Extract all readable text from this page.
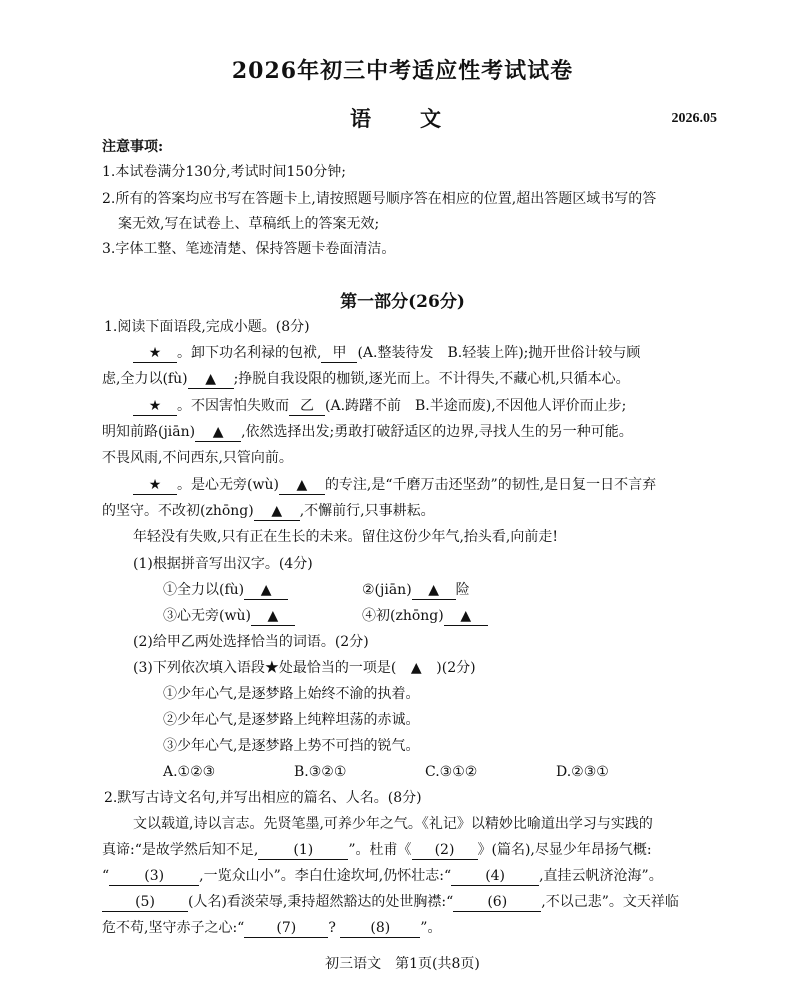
2026年初三中考适应性考试试卷
语　文	2026.05
注意事项:
1.本试卷满分130分,考试时间150分钟;
2.所有的答案均应书写在答题卡上,请按照题号顺序答在相应的位置,超出答题区域书写的答
案无效,写在试卷上、草稿纸上的答案无效;
3.字体工整、笔迹清楚、保持答题卡卷面清洁。
第一部分(26分)
1.阅读下面语段,完成小题。(8分)
★ 。卸下功名利禄的包袱, 甲 (A.整装待发　B.轻装上阵);抛开世俗计较与顾
虑,全力以(fù) ▲ ;挣脱自我设限的枷锁,逐光而上。不计得失,不藏心机,只循本心。
★ 。不因害怕失败而 乙 (A.踌躇不前　B.半途而废),不因他人评价而止步;
明知前路(jiān) ▲ ,依然选择出发;勇敢打破舒适区的边界,寻找人生的另一种可能。
不畏风雨,不问西东,只管向前。
★ 。是心无旁(wù) ▲ 的专注,是“千磨万击还坚劲”的韧性,是日复一日不言弃
的坚守。不改初(zhōng) ▲ ,不懈前行,只事耕耘。
年轻没有失败,只有正在生长的未来。留住这份少年气,抬头看,向前走!
(1)根据拼音写出汉字。(4分)
①全力以(fù) ▲	②(jiān) ▲ 险
③心无旁(wù) ▲	④初(zhōng) ▲
(2)给甲乙两处选择恰当的词语。(2分)
(3)下列依次填入语段★处最恰当的一项是( ▲ )(2分)
①少年心气,是逐梦路上始终不渝的执着。
②少年心气,是逐梦路上纯粹坦荡的赤诚。
③少年心气,是逐梦路上势不可挡的锐气。
A.①②③	B.③②①	C.③①②	D.②③①
2.默写古诗文名句,并写出相应的篇名、人名。(8分)
文以载道,诗以言志。先贤笔墨,可养少年之气。《礼记》以精妙比喻道出学习与实践的
真谛:“是故学然后知不足,	(1)	”。杜甫《 (2) 》(篇名),尽显少年昂扬气概:
“	(3)	,一览众山小”。李白仕途坎坷,仍怀壮志:“ (4) ,直挂云帆济沧海”。
(5) (人名)看淡荣辱,秉持超然豁达的处世胸襟:“ (6) ,不以己悲”。文天祥临
危不苟,坚守赤子之心:“ (7) ? (8) ”。
初三语文　第1页(共8页)
